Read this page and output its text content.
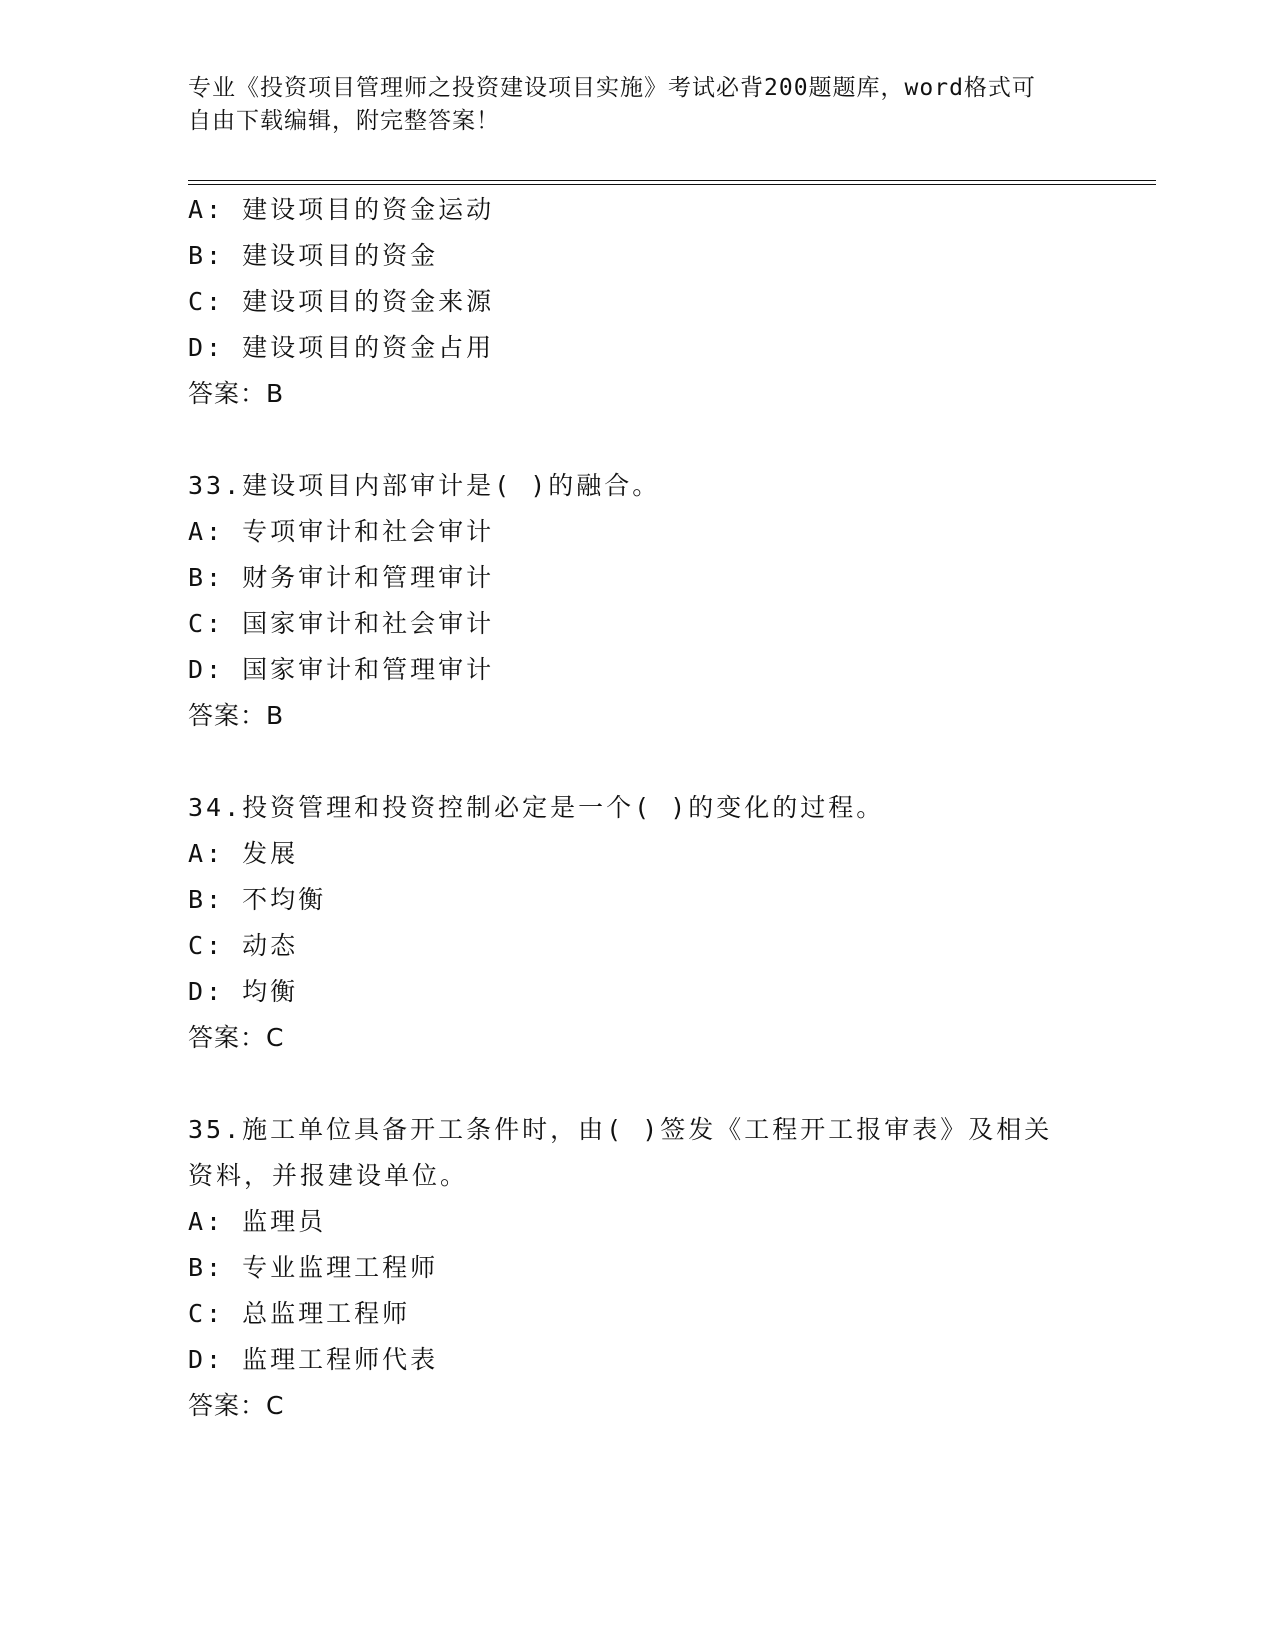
专业《投资项目管理师之投资建设项目实施》考试必背200题题库，word格式可
自由下载编辑，附完整答案！
A: 建设项目的资金运动
B: 建设项目的资金
C: 建设项目的资金来源
D: 建设项目的资金占用
答案：B
33.建设项目内部审计是( )的融合。
A: 专项审计和社会审计
B: 财务审计和管理审计
C: 国家审计和社会审计
D: 国家审计和管理审计
答案：B
34.投资管理和投资控制必定是一个( )的变化的过程。
A: 发展
B: 不均衡
C: 动态
D: 均衡
答案：C
35.施工单位具备开工条件时，由( )签发《工程开工报审表》及相关资料，并报建设单位。
A: 监理员
B: 专业监理工程师
C: 总监理工程师
D: 监理工程师代表
答案：C
